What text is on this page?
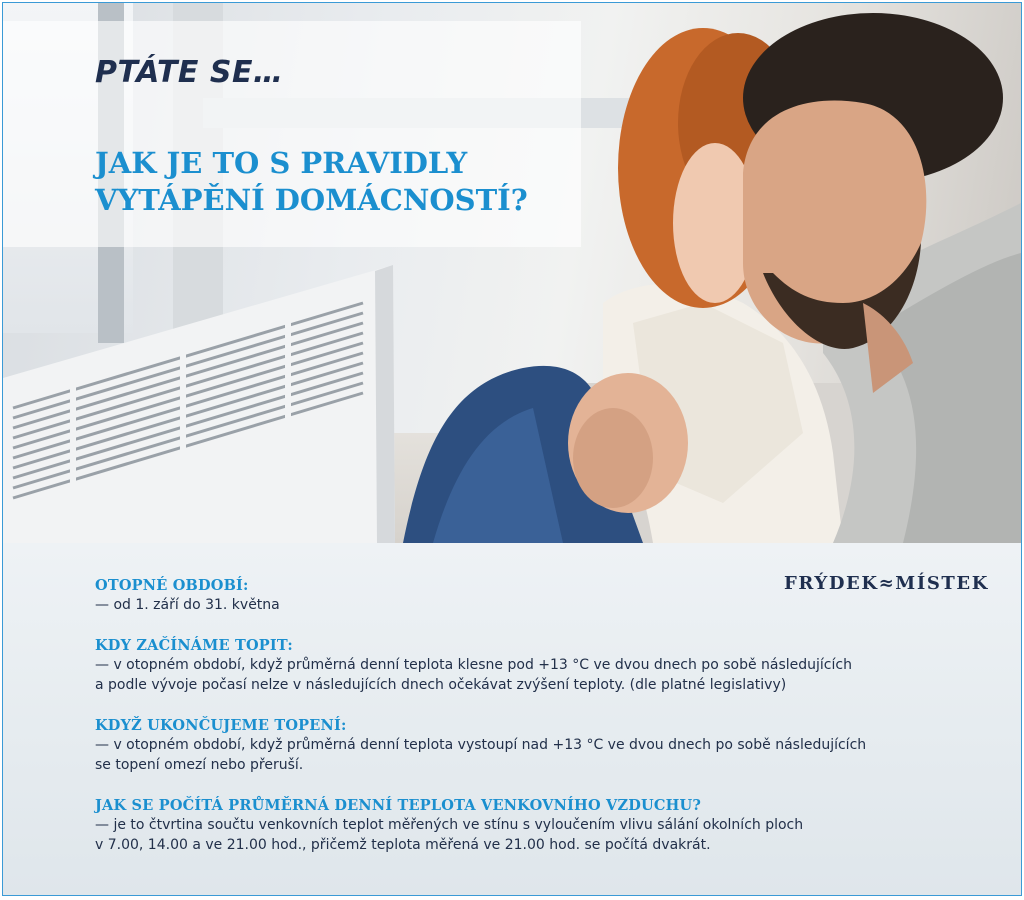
PTÁTE SE…

JAK JE TO S PRAVIDLY
VYTÁPĚNÍ DOMÁCNOSTÍ?
FRÝDEK≈MÍSTEK
OTOPNÉ OBDOBÍ:

— od 1. září do 31. května

KDY ZAČÍNÁME TOPIT:

— v otopném období, když průměrná denní teplota klesne pod +13 °C ve dvou dnech po sobě následujících

a podle vývoje počasí nelze v následujících dnech očekávat zvýšení teploty. (dle platné legislativy)

KDYŽ UKONČUJEME TOPENÍ:

— v otopném období, když průměrná denní teplota vystoupí nad +13 °C ve dvou dnech po sobě následujících

se topení omezí nebo přeruší.

JAK SE POČÍTÁ PRŮMĚRNÁ DENNÍ TEPLOTA VENKOVNÍHO VZDUCHU?

— je to čtvrtina součtu venkovních teplot měřených ve stínu s vyloučením vlivu sálání okolních ploch

v 7.00, 14.00 a ve 21.00 hod., přičemž teplota měřená ve 21.00 hod. se počítá dvakrát.
